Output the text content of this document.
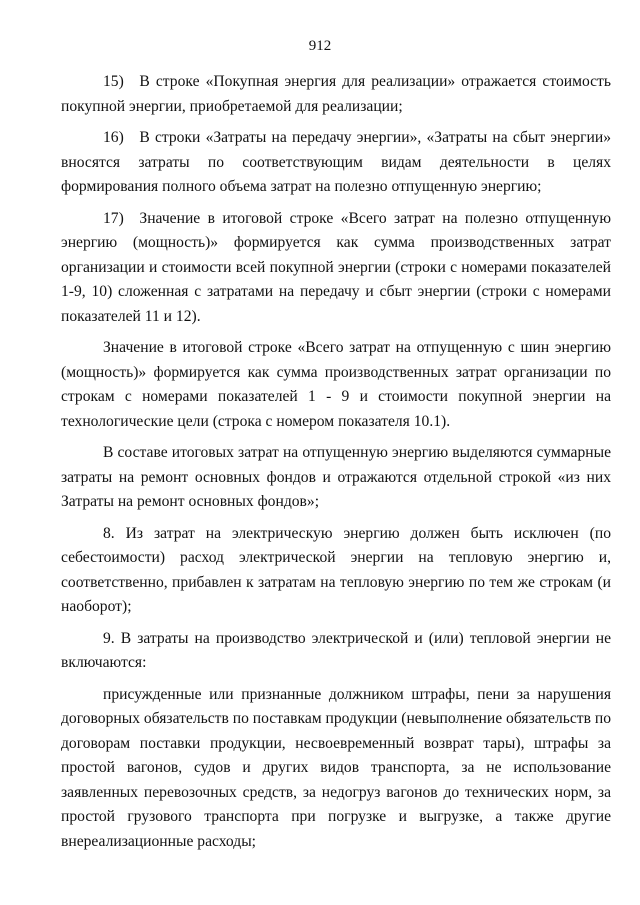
912

15) В строке «Покупная энергия для реализации» отражается стоимость покупной энергии, приобретаемой для реализации;

16) В строки «Затраты на передачу энергии», «Затраты на сбыт энергии» вносятся затраты по соответствующим видам деятельности в целях формирования полного объема затрат на полезно отпущенную энергию;

17) Значение в итоговой строке «Всего затрат на полезно отпущенную энергию (мощность)» формируется как сумма производственных затрат организации и стоимости всей покупной энергии (строки с номерами показателей 1-9, 10) сложенная с затратами на передачу и сбыт энергии (строки с номерами показателей 11 и 12).

Значение в итоговой строке «Всего затрат на отпущенную с шин энергию (мощность)» формируется как сумма производственных затрат организации по строкам с номерами показателей 1 - 9 и стоимости покупной энергии на технологические цели (строка с номером показателя 10.1).

В составе итоговых затрат на отпущенную энергию выделяются суммарные затраты на ремонт основных фондов и отражаются отдельной строкой «из них Затраты на ремонт основных фондов»;

8. Из затрат на электрическую энергию должен быть исключен (по себестоимости) расход электрической энергии на тепловую энергию и, соответственно, прибавлен к затратам на тепловую энергию по тем же строкам (и наоборот);

9. В затраты на производство электрической и (или) тепловой энергии не включаются:

присужденные или признанные должником штрафы, пени за нарушения договорных обязательств по поставкам продукции (невыполнение обязательств по договорам поставки продукции, несвоевременный возврат тары), штрафы за простой вагонов, судов и других видов транспорта, за не использование заявленных перевозочных средств, за недогруз вагонов до технических норм, за простой грузового транспорта при погрузке и выгрузке, а также другие внереализационные расходы;
